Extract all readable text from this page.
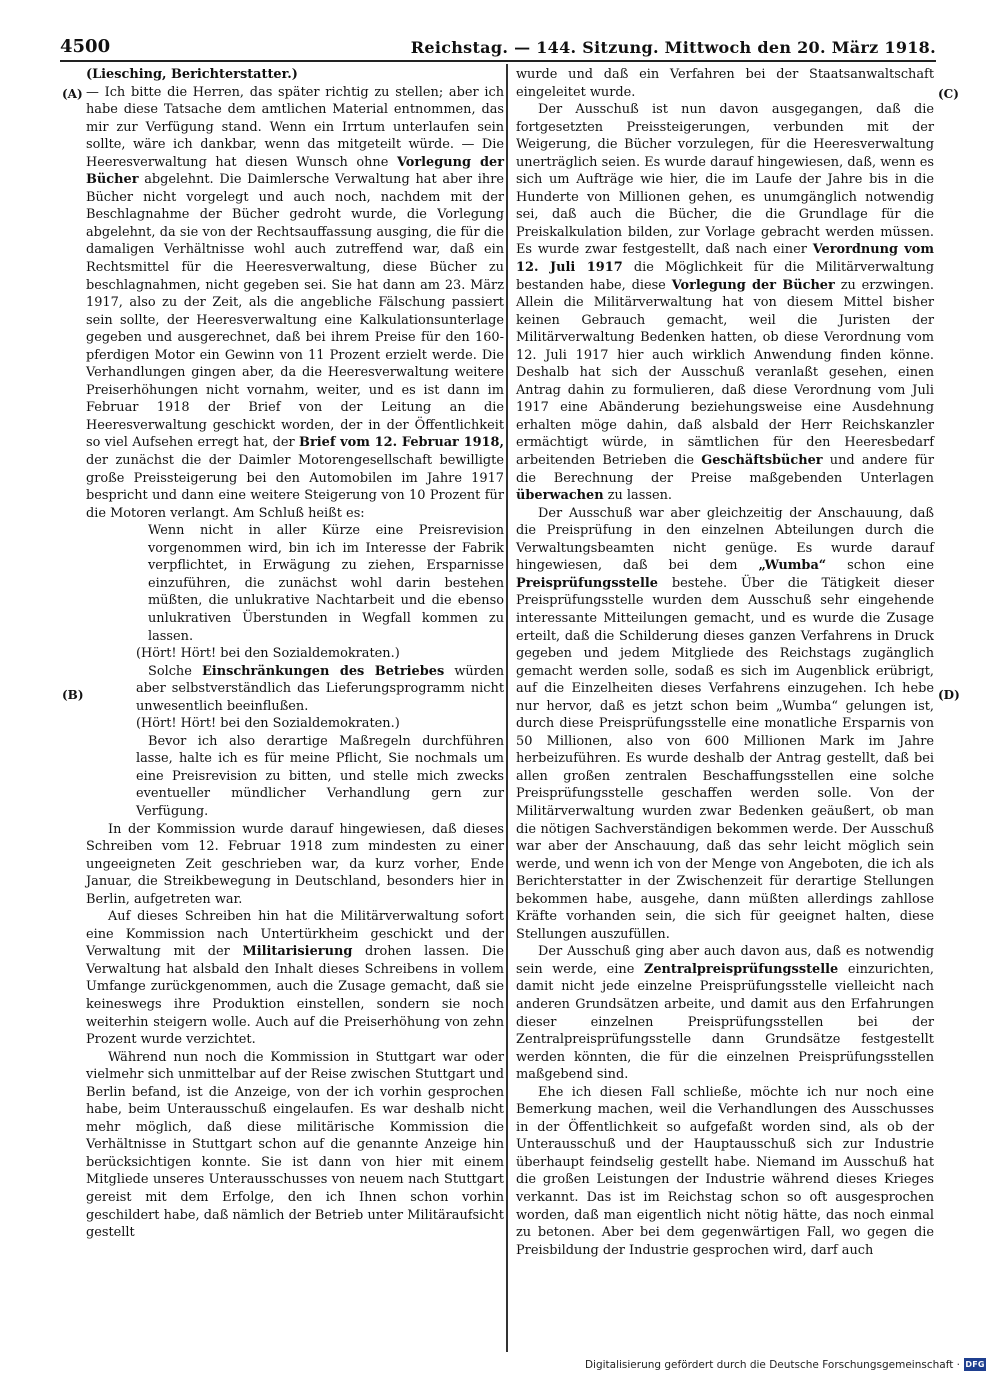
4500	Reichstag. — 144. Sitzung. Mittwoch den 20. März 1918.
(A)
(B)
(C)
(D)

(Liesching, Berichterstatter.)

— Ich bitte die Herren, das später richtig zu stellen; aber ich habe diese Tatsache dem amtlichen Material entnommen, das mir zur Verfügung stand. Wenn ein Irrtum unterlaufen sein sollte, wäre ich dankbar, wenn das mitgeteilt würde. — Die Heeresverwaltung hat diesen Wunsch ohne Vorlegung der Bücher abgelehnt. Die Daimlersche Verwaltung hat aber ihre Bücher nicht vorgelegt und auch noch, nachdem mit der Beschlagnahme der Bücher gedroht wurde, die Vorlegung abgelehnt, da sie von der Rechtsauffassung ausging, die für die damaligen Verhältnisse wohl auch zutreffend war, daß ein Rechtsmittel für die Heeresverwaltung, diese Bücher zu beschlagnahmen, nicht gegeben sei. Sie hat dann am 23. März 1917, also zu der Zeit, als die angebliche Fälschung passiert sein sollte, der Heeresverwaltung eine Kalkulationsunterlage gegeben und ausgerechnet, daß bei ihrem Preise für den 160-pferdigen Motor ein Gewinn von 11 Prozent erzielt werde. Die Verhandlungen gingen aber, da die Heeresverwaltung weitere Preiserhöhungen nicht vornahm, weiter, und es ist dann im Februar 1918 der Brief von der Leitung an die Heeresverwaltung geschickt worden, der in der Öffentlichkeit so viel Aufsehen erregt hat, der Brief vom 12. Februar 1918, der zunächst die der Daimler Motorengesellschaft bewilligte große Preissteigerung bei den Automobilen im Jahre 1917 bespricht und dann eine weitere Steigerung von 10 Prozent für die Motoren verlangt. Am Schluß heißt es:

Wenn nicht in aller Kürze eine Preisrevision vorgenommen wird, bin ich im Interesse der Fabrik verpflichtet, in Erwägung zu ziehen, Ersparnisse einzuführen, die zunächst wohl darin bestehen müßten, die unlukrative Nachtarbeit und die ebenso unlukrativen Überstunden in Wegfall kommen zu lassen.

(Hört! Hört! bei den Sozialdemokraten.)

Solche Einschränkungen des Betriebes würden aber selbstverständlich das Lieferungsprogramm nicht unwesentlich beeinflußen.

(Hört! Hört! bei den Sozialdemokraten.)

Bevor ich also derartige Maßregeln durchführen lasse, halte ich es für meine Pflicht, Sie nochmals um eine Preisrevision zu bitten, und stelle mich zwecks eventueller mündlicher Verhandlung gern zur Verfügung.

In der Kommission wurde darauf hingewiesen, daß dieses Schreiben vom 12. Februar 1918 zum mindesten zu einer ungeeigneten Zeit geschrieben war, da kurz vorher, Ende Januar, die Streikbewegung in Deutschland, besonders hier in Berlin, aufgetreten war.

Auf dieses Schreiben hin hat die Militärverwaltung sofort eine Kommission nach Untertürkheim geschickt und der Verwaltung mit der Militarisierung drohen lassen. Die Verwaltung hat alsbald den Inhalt dieses Schreibens in vollem Umfange zurückgenommen, auch die Zusage gemacht, daß sie keineswegs ihre Produktion einstellen, sondern sie noch weiterhin steigern wolle. Auch auf die Preiserhöhung von zehn Prozent wurde verzichtet.

Während nun noch die Kommission in Stuttgart war oder vielmehr sich unmittelbar auf der Reise zwischen Stuttgart und Berlin befand, ist die Anzeige, von der ich vorhin gesprochen habe, beim Unterausschuß eingelaufen. Es war deshalb nicht mehr möglich, daß diese militärische Kommission die Verhältnisse in Stuttgart schon auf die genannte Anzeige hin berücksichtigen konnte. Sie ist dann von hier mit einem Mitgliede unseres Unterausschusses von neuem nach Stuttgart gereist mit dem Erfolge, den ich Ihnen schon vorhin geschildert habe, daß nämlich der Betrieb unter Militäraufsicht gestellt

wurde und daß ein Verfahren bei der Staatsanwaltschaft eingeleitet wurde.

Der Ausschuß ist nun davon ausgegangen, daß die fortgesetzten Preissteigerungen, verbunden mit der Weigerung, die Bücher vorzulegen, für die Heeresverwaltung unerträglich seien. Es wurde darauf hingewiesen, daß, wenn es sich um Aufträge wie hier, die im Laufe der Jahre bis in die Hunderte von Millionen gehen, es unumgänglich notwendig sei, daß auch die Bücher, die die Grundlage für die Preiskalkulation bilden, zur Vorlage gebracht werden müssen. Es wurde zwar festgestellt, daß nach einer Verordnung vom 12. Juli 1917 die Möglichkeit für die Militärverwaltung bestanden habe, diese Vorlegung der Bücher zu erzwingen. Allein die Militärverwaltung hat von diesem Mittel bisher keinen Gebrauch gemacht, weil die Juristen der Militärverwaltung Bedenken hatten, ob diese Verordnung vom 12. Juli 1917 hier auch wirklich Anwendung finden könne. Deshalb hat sich der Ausschuß veranlaßt gesehen, einen Antrag dahin zu formulieren, daß diese Verordnung vom Juli 1917 eine Abänderung beziehungsweise eine Ausdehnung erhalten möge dahin, daß alsbald der Herr Reichskanzler ermächtigt würde, in sämtlichen für den Heeresbedarf arbeitenden Betrieben die Geschäftsbücher und andere für die Berechnung der Preise maßgebenden Unterlagen überwachen zu lassen.

Der Ausschuß war aber gleichzeitig der Anschauung, daß die Preisprüfung in den einzelnen Abteilungen durch die Verwaltungsbeamten nicht genüge. Es wurde darauf hingewiesen, daß bei dem „Wumba“ schon eine Preisprüfungsstelle bestehe. Über die Tätigkeit dieser Preisprüfungsstelle wurden dem Ausschuß sehr eingehende interessante Mitteilungen gemacht, und es wurde die Zusage erteilt, daß die Schilderung dieses ganzen Verfahrens in Druck gegeben und jedem Mitgliede des Reichstags zugänglich gemacht werden solle, sodaß es sich im Augenblick erübrigt, auf die Einzelheiten dieses Verfahrens einzugehen. Ich hebe nur hervor, daß es jetzt schon beim „Wumba“ gelungen ist, durch diese Preisprüfungsstelle eine monatliche Ersparnis von 50 Millionen, also von 600 Millionen Mark im Jahre herbeizuführen. Es wurde deshalb der Antrag gestellt, daß bei allen großen zentralen Beschaffungsstellen eine solche Preisprüfungsstelle geschaffen werden solle. Von der Militärverwaltung wurden zwar Bedenken geäußert, ob man die nötigen Sachverständigen bekommen werde. Der Ausschuß war aber der Anschauung, daß das sehr leicht möglich sein werde, und wenn ich von der Menge von Angeboten, die ich als Berichterstatter in der Zwischenzeit für derartige Stellungen bekommen habe, ausgehe, dann müßten allerdings zahllose Kräfte vorhanden sein, die sich für geeignet halten, diese Stellungen auszufüllen.

Der Ausschuß ging aber auch davon aus, daß es notwendig sein werde, eine Zentralpreisprüfungsstelle einzurichten, damit nicht jede einzelne Preisprüfungsstelle vielleicht nach anderen Grundsätzen arbeite, und damit aus den Erfahrungen dieser einzelnen Preisprüfungsstellen bei der Zentralpreisprüfungsstelle dann Grundsätze festgestellt werden könnten, die für die einzelnen Preisprüfungsstellen maßgebend sind.

Ehe ich diesen Fall schließe, möchte ich nur noch eine Bemerkung machen, weil die Verhandlungen des Ausschusses in der Öffentlichkeit so aufgefaßt worden sind, als ob der Unterausschuß und der Hauptausschuß sich zur Industrie überhaupt feindselig gestellt habe. Niemand im Ausschuß hat die großen Leistungen der Industrie während dieses Krieges verkannt. Das ist im Reichstag schon so oft ausgesprochen worden, daß man eigentlich nicht nötig hätte, das noch einmal zu betonen. Aber bei dem gegenwärtigen Fall, wo gegen die Preisbildung der Industrie gesprochen wird, darf auch

Digitalisierung gefördert durch die Deutsche Forschungsgemeinschaft · DFG
